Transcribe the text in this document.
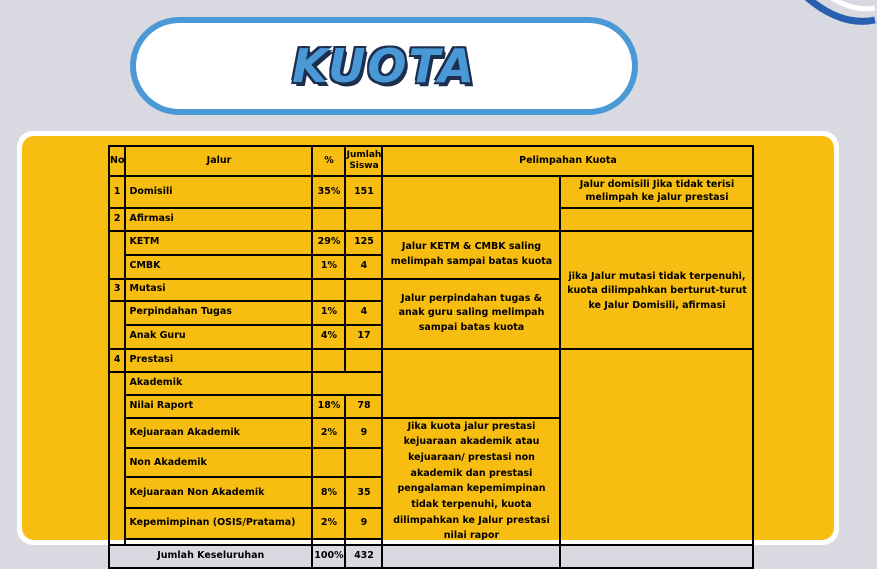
KUOTA
No	Jalur	%	Jumlah Siswa	Pelimpahan Kuota	
1	Domisili	35%	151		Jalur domisili Jika tidak terisi melimpah ke jalur prestasi
2	Afirmasi				
	KETM	29%	125	Jalur KETM & CMBK saling melimpah sampai batas kuota	jika Jalur mutasi tidak terpenuhi, kuota dilimpahkan berturut-turut ke Jalur Domisili, afirmasi
	CMBK	1%	4		
3	Mutasi			Jalur perpindahan tugas & anak guru saling melimpah sampai batas kuota	
	Perpindahan Tugas	1%	4		
	Anak Guru	4%	17		
4	Prestasi				
	Akademik				
	Nilai Raport	18%	78		
	Kejuaraan Akademik	2%	9	Jika kuota jalur prestasi kejuaraan akademik atau kejuaraan/ prestasi non akademik dan prestasi pengalaman kepemimpinan tidak terpenuhi, kuota dilimpahkan ke Jalur prestasi nilai rapor	
	Non Akademik				
	Kejuaraan Non Akademik	8%	35		
	Kepemimpinan (OSIS/Pratama)	2%	9		

Jumlah Keseluruhan		100%	432		
